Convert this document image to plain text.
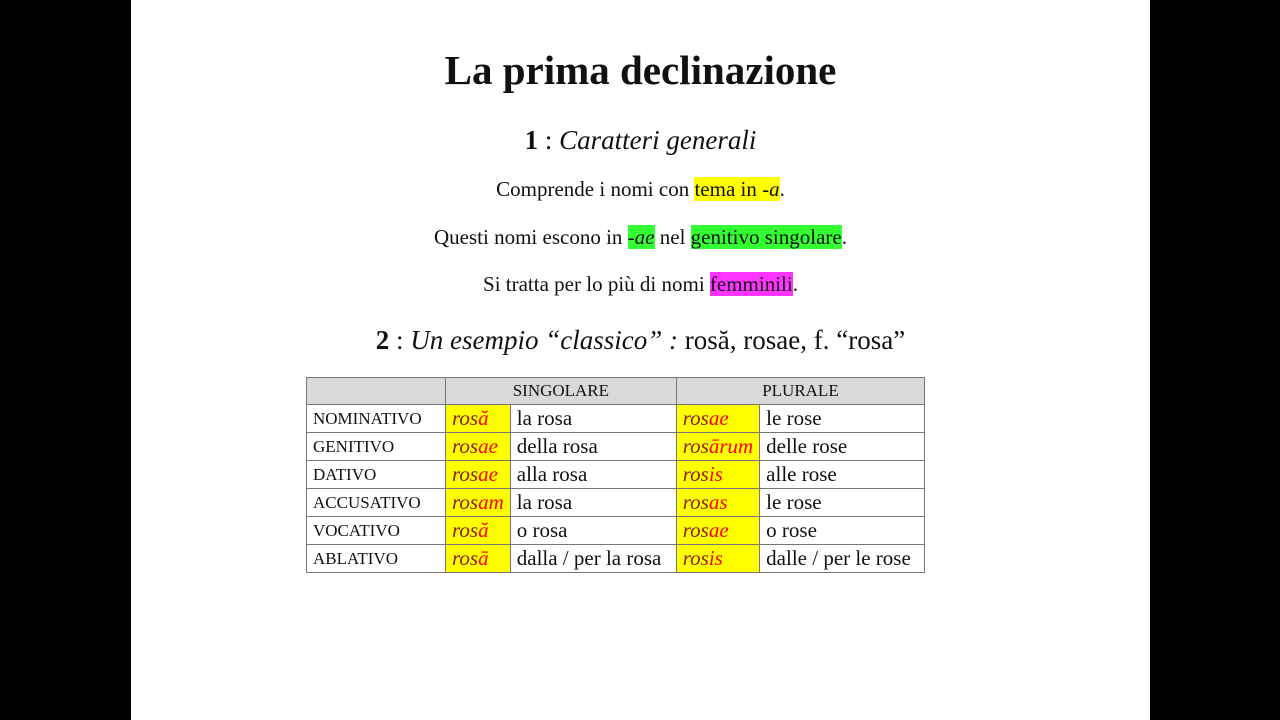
La prima declinazione
1 : Caratteri generali
Comprende i nomi con tema in -a.
Questi nomi escono in -ae nel genitivo singolare.
Si tratta per lo più di nomi femminili.
2 : Un esempio “classico” : rosă, rosae, f. “rosa”
	SINGOLARE		PLURALE	
NOMINATIVO	rosă	la rosa	rosae	le rose
GENITIVO	rosae	della rosa	rosārum	delle rose
DATIVO	rosae	alla rosa	rosis	alle rose
ACCUSATIVO	rosam	la rosa	rosas	le rose
VOCATIVO	rosă	o rosa	rosae	o rose
ABLATIVO	rosā	dalla / per la rosa	rosis	dalle / per le rose
